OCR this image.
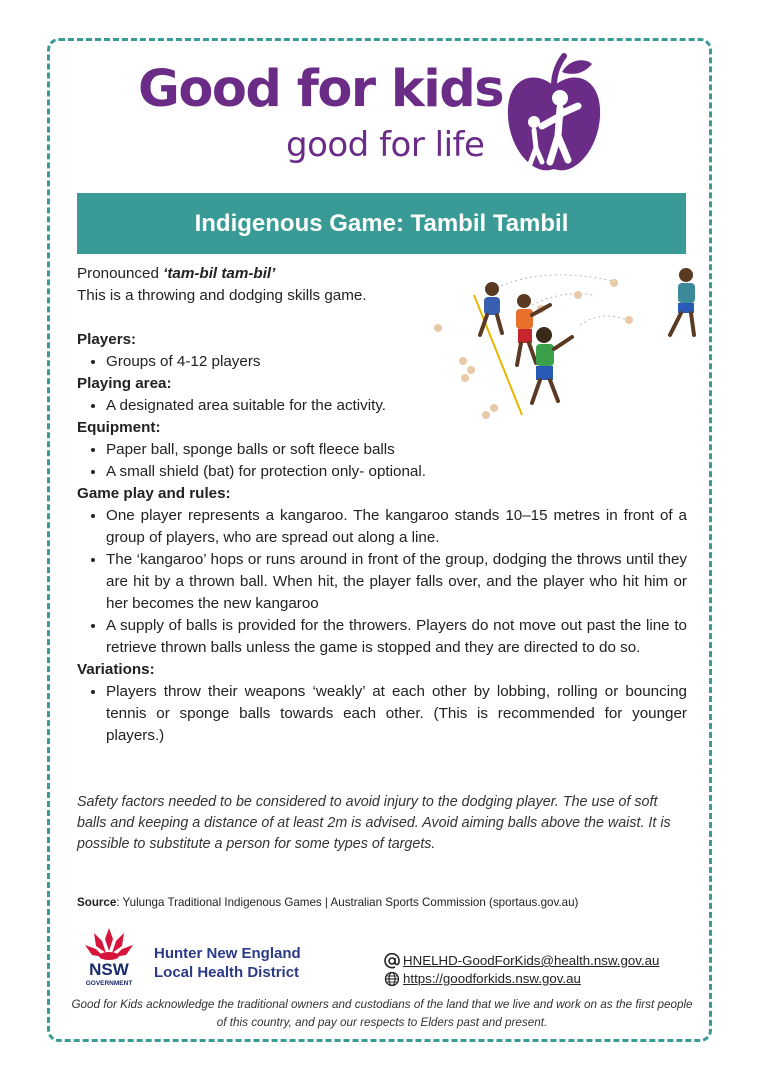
Good for kids
good for life
Indigenous Game: Tambil Tambil

Pronounced ‘tam-bil tam-bil’

This is a throwing and dodging skills game.

Players:

• Groups of 4-12 players

Playing area:

• A designated area suitable for the activity.

Equipment:

• Paper ball, sponge balls or soft fleece balls
• A small shield (bat) for protection only- optional.

Game play and rules:

• One player represents a kangaroo. The kangaroo stands 10–15 metres in front of a group of players, who are spread out along a line.
• The ‘kangaroo’ hops or runs around in front of the group, dodging the throws until they are hit by a thrown ball. When hit, the player falls over, and the player who hit him or her becomes the new kangaroo
• A supply of balls is provided for the throwers. Players do not move out past the line to retrieve thrown balls unless the game is stopped and they are directed to do so.

Variations:

• Players throw their weapons ‘weakly’ at each other by lobbing, rolling or bouncing tennis or sponge balls towards each other. (This is recommended for younger players.)
Safety factors needed to be considered to avoid injury to the dodging player. The use of soft balls and keeping a distance of at least 2m is advised. Avoid aiming balls above the waist. It is possible to substitute a person for some types of targets.
Source: Yulunga Traditional Indigenous Games | Australian Sports Commission (sportaus.gov.au)
NSW
GOVERNMENT
Hunter New England
Local Health District
HNELHD-GoodForKids@health.nsw.gov.au
https://goodforkids.nsw.gov.au
Good for Kids acknowledge the traditional owners and custodians of the land that we live and work on as the first people of this country, and pay our respects to Elders past and present.
